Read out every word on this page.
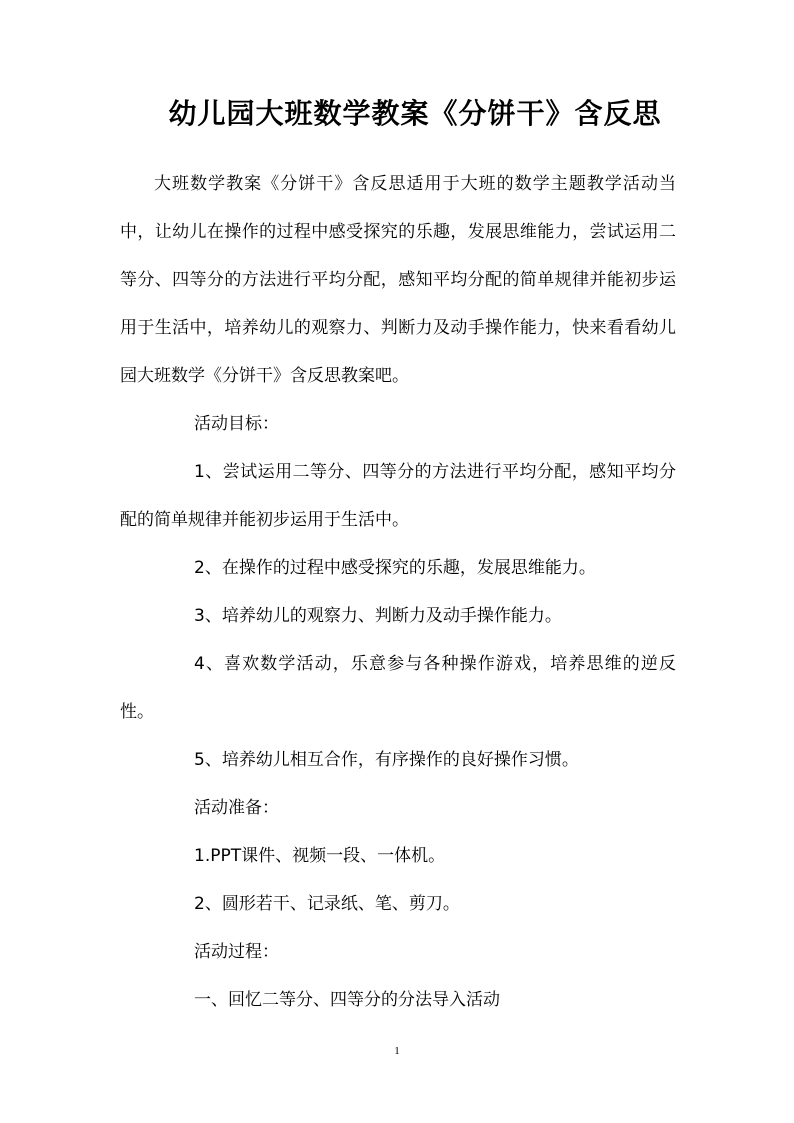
幼儿园大班数学教案《分饼干》含反思

大班数学教案《分饼干》含反思适用于大班的数学主题教学活动当中，让幼儿在操作的过程中感受探究的乐趣，发展思维能力，尝试运用二等分、四等分的方法进行平均分配，感知平均分配的简单规律并能初步运用于生活中，培养幼儿的观察力、判断力及动手操作能力，快来看看幼儿园大班数学《分饼干》含反思教案吧。

活动目标：

1、尝试运用二等分、四等分的方法进行平均分配，感知平均分配的简单规律并能初步运用于生活中。

2、在操作的过程中感受探究的乐趣，发展思维能力。

3、培养幼儿的观察力、判断力及动手操作能力。

4、喜欢数学活动，乐意参与各种操作游戏，培养思维的逆反性。

5、培养幼儿相互合作，有序操作的良好操作习惯。

活动准备：

1.PPT课件、视频一段、一体机。

2、圆形若干、记录纸、笔、剪刀。

活动过程：

一、回忆二等分、四等分的分法导入活动

1
